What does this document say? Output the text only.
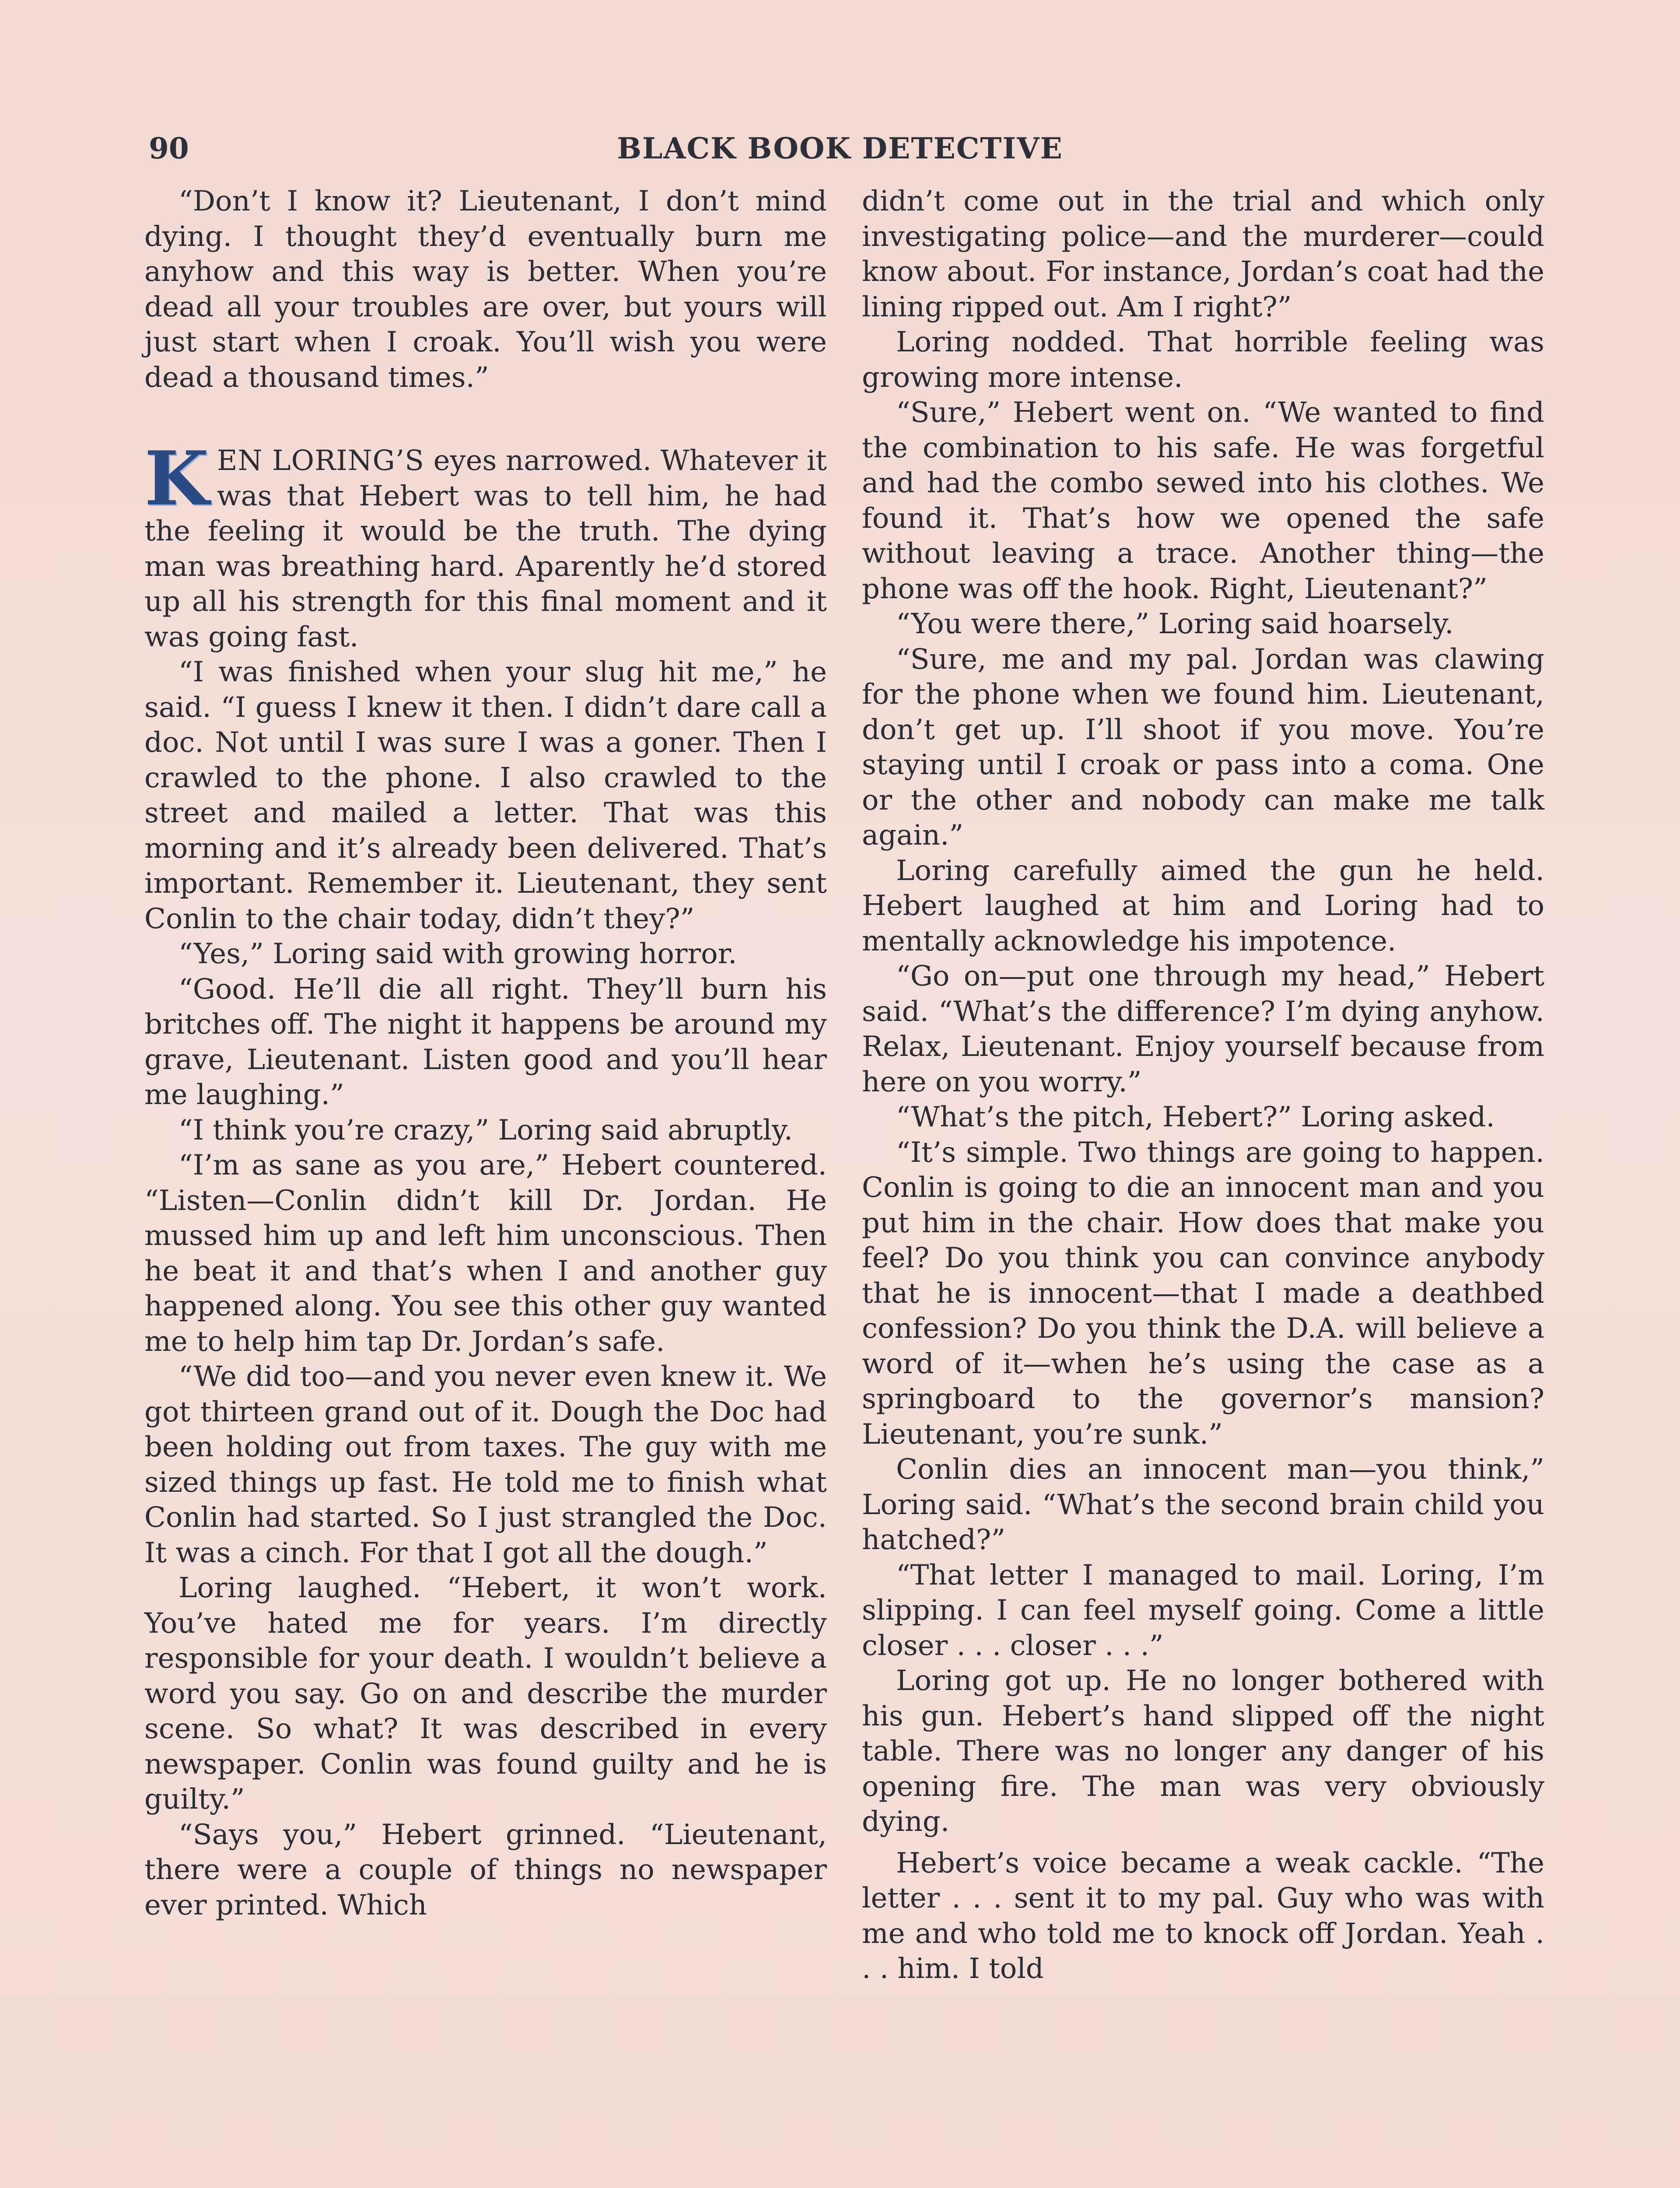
90	BLACK BOOK DETECTIVE

“Don’t I know it? Lieutenant, I don’t mind dying. I thought they’d eventually burn me anyhow and this way is better. When you’re dead all your troubles are over, but yours will just start when I croak. You’ll wish you were dead a thousand times.”

KEN LORING’S eyes narrowed. Whatever it was that Hebert was to tell him, he had the feeling it would be the truth. The dying man was breathing hard. Aparently he’d stored up all his strength for this final moment and it was going fast.

“I was finished when your slug hit me,” he said. “I guess I knew it then. I didn’t dare call a doc. Not until I was sure I was a goner. Then I crawled to the phone. I also crawled to the street and mailed a letter. That was this morning and it’s already been delivered. That’s important. Remember it. Lieutenant, they sent Conlin to the chair today, didn’t they?”

“Yes,” Loring said with growing horror.

“Good. He’ll die all right. They’ll burn his britches off. The night it happens be around my grave, Lieutenant. Listen good and you’ll hear me laughing.”

“I think you’re crazy,” Loring said abruptly.

“I’m as sane as you are,” Hebert countered. “Listen—Conlin didn’t kill Dr. Jordan. He mussed him up and left him unconscious. Then he beat it and that’s when I and another guy happened along. You see this other guy wanted me to help him tap Dr. Jordan’s safe.

“We did too—and you never even knew it. We got thirteen grand out of it. Dough the Doc had been holding out from taxes. The guy with me sized things up fast. He told me to finish what Conlin had started. So I just strangled the Doc. It was a cinch. For that I got all the dough.”

Loring laughed. “Hebert, it won’t work. You’ve hated me for years. I’m directly responsible for your death. I wouldn’t believe a word you say. Go on and describe the murder scene. So what? It was described in every newspaper. Conlin was found guilty and he is guilty.”

“Says you,” Hebert grinned. “Lieutenant, there were a couple of things no newspaper ever printed. Which

didn’t come out in the trial and which only investigating police—and the murderer—could know about. For instance, Jordan’s coat had the lining ripped out. Am I right?”

Loring nodded. That horrible feeling was growing more intense.

“Sure,” Hebert went on. “We wanted to find the combination to his safe. He was forgetful and had the combo sewed into his clothes. We found it. That’s how we opened the safe without leaving a trace. Another thing—the phone was off the hook. Right, Lieutenant?”

“You were there,” Loring said hoarsely.

“Sure, me and my pal. Jordan was clawing for the phone when we found him. Lieutenant, don’t get up. I’ll shoot if you move. You’re staying until I croak or pass into a coma. One or the other and nobody can make me talk again.”

Loring carefully aimed the gun he held. Hebert laughed at him and Loring had to mentally acknowledge his impotence.

“Go on—put one through my head,” Hebert said. “What’s the difference? I’m dying anyhow. Relax, Lieutenant. Enjoy yourself because from here on you worry.”

“What’s the pitch, Hebert?” Loring asked.

“It’s simple. Two things are going to happen. Conlin is going to die an innocent man and you put him in the chair. How does that make you feel? Do you think you can convince anybody that he is innocent—that I made a deathbed confession? Do you think the D.A. will believe a word of it—when he’s using the case as a springboard to the governor’s mansion? Lieutenant, you’re sunk.”

Conlin dies an innocent man—you think,” Loring said. “What’s the second brain child you hatched?”

“That letter I managed to mail. Loring, I’m slipping. I can feel myself going. Come a little closer . . . closer . . .”

Loring got up. He no longer bothered with his gun. Hebert’s hand slipped off the night table. There was no longer any danger of his opening fire. The man was very obviously dying.

Hebert’s voice became a weak cackle. “The letter . . . sent it to my pal. Guy who was with me and who told me to knock off Jordan. Yeah . . . him. I told
